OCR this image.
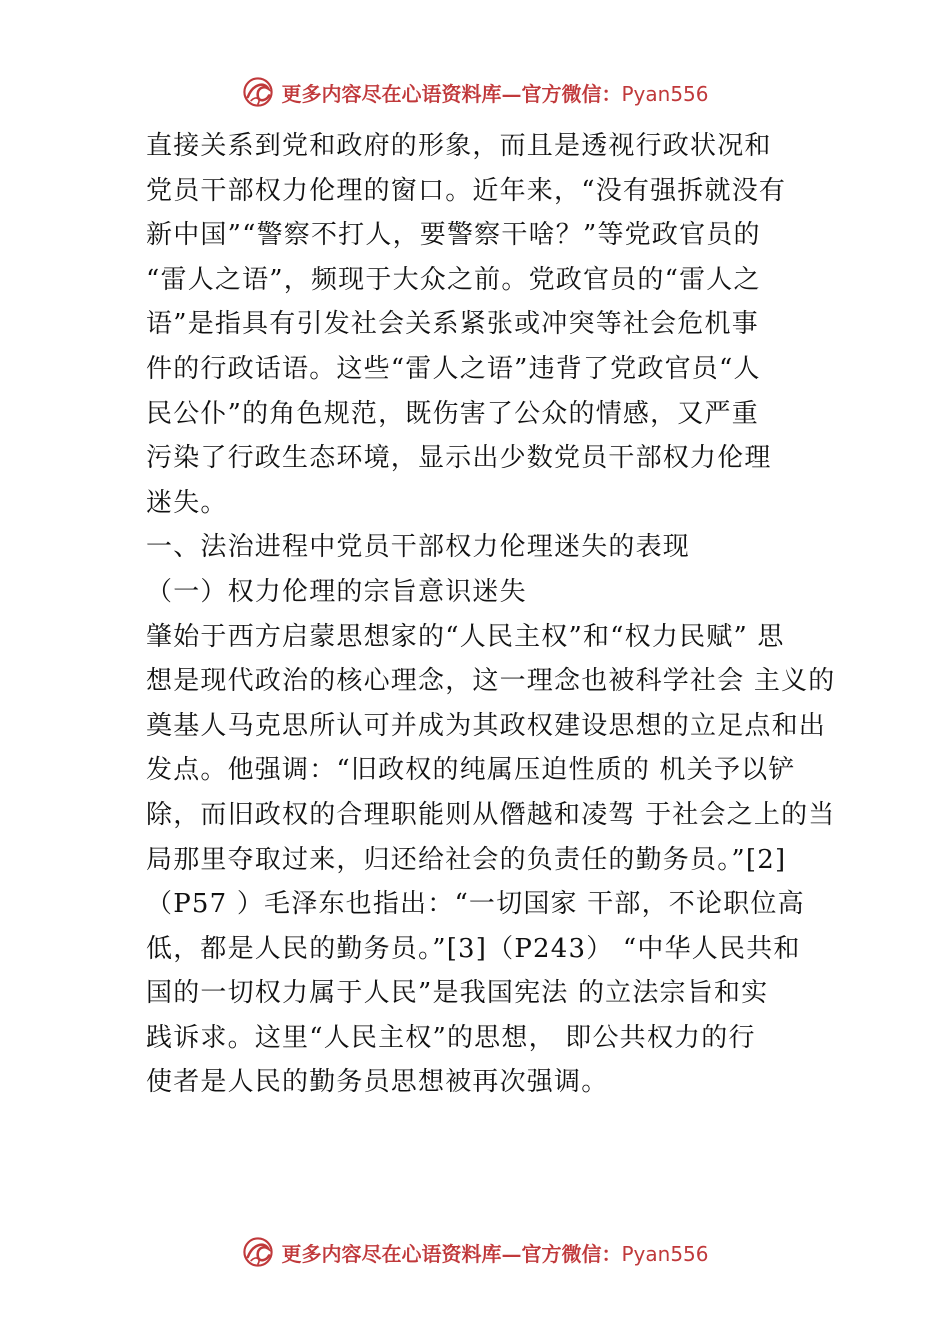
更多内容尽在心语资料库—官方微信：Pyan556
直接关系到党和政府的形象，而且是透视行政状况和
党员干部权力伦理的窗口。近年来，“没有强拆就没有
新中国”“警察不打人，要警察干啥？”等党政官员的
“雷人之语”，频现于大众之前。党政官员的“雷人之
语”是指具有引发社会关系紧张或冲突等社会危机事
件的行政话语。这些“雷人之语”违背了党政官员“人
民公仆”的角色规范，既伤害了公众的情感，又严重
污染了行政生态环境，显示出少数党员干部权力伦理
迷失。
一、法治进程中党员干部权力伦理迷失的表现
（一）权力伦理的宗旨意识迷失
肇始于西方启蒙思想家的“人民主权”和“权力民赋” 思
想是现代政治的核心理念，这一理念也被科学社会 主义的
奠基人马克思所认可并成为其政权建设思想的立足点和出
发点。他强调：“旧政权的纯属压迫性质的 机关予以铲
除，而旧政权的合理职能则从僭越和凌驾 于社会之上的当
局那里夺取过来，归还给社会的负责任的勤务员。”[2]
（P57 ）毛泽东也指出：“一切国家 干部，不论职位高
低，都是人民的勤务员。”[3]（P243） “中华人民共和
国的一切权力属于人民”是我国宪法 的立法宗旨和实
践诉求。这里“人民主权”的思想， 即公共权力的行
使者是人民的勤务员思想被再次强调。
更多内容尽在心语资料库—官方微信：Pyan556
